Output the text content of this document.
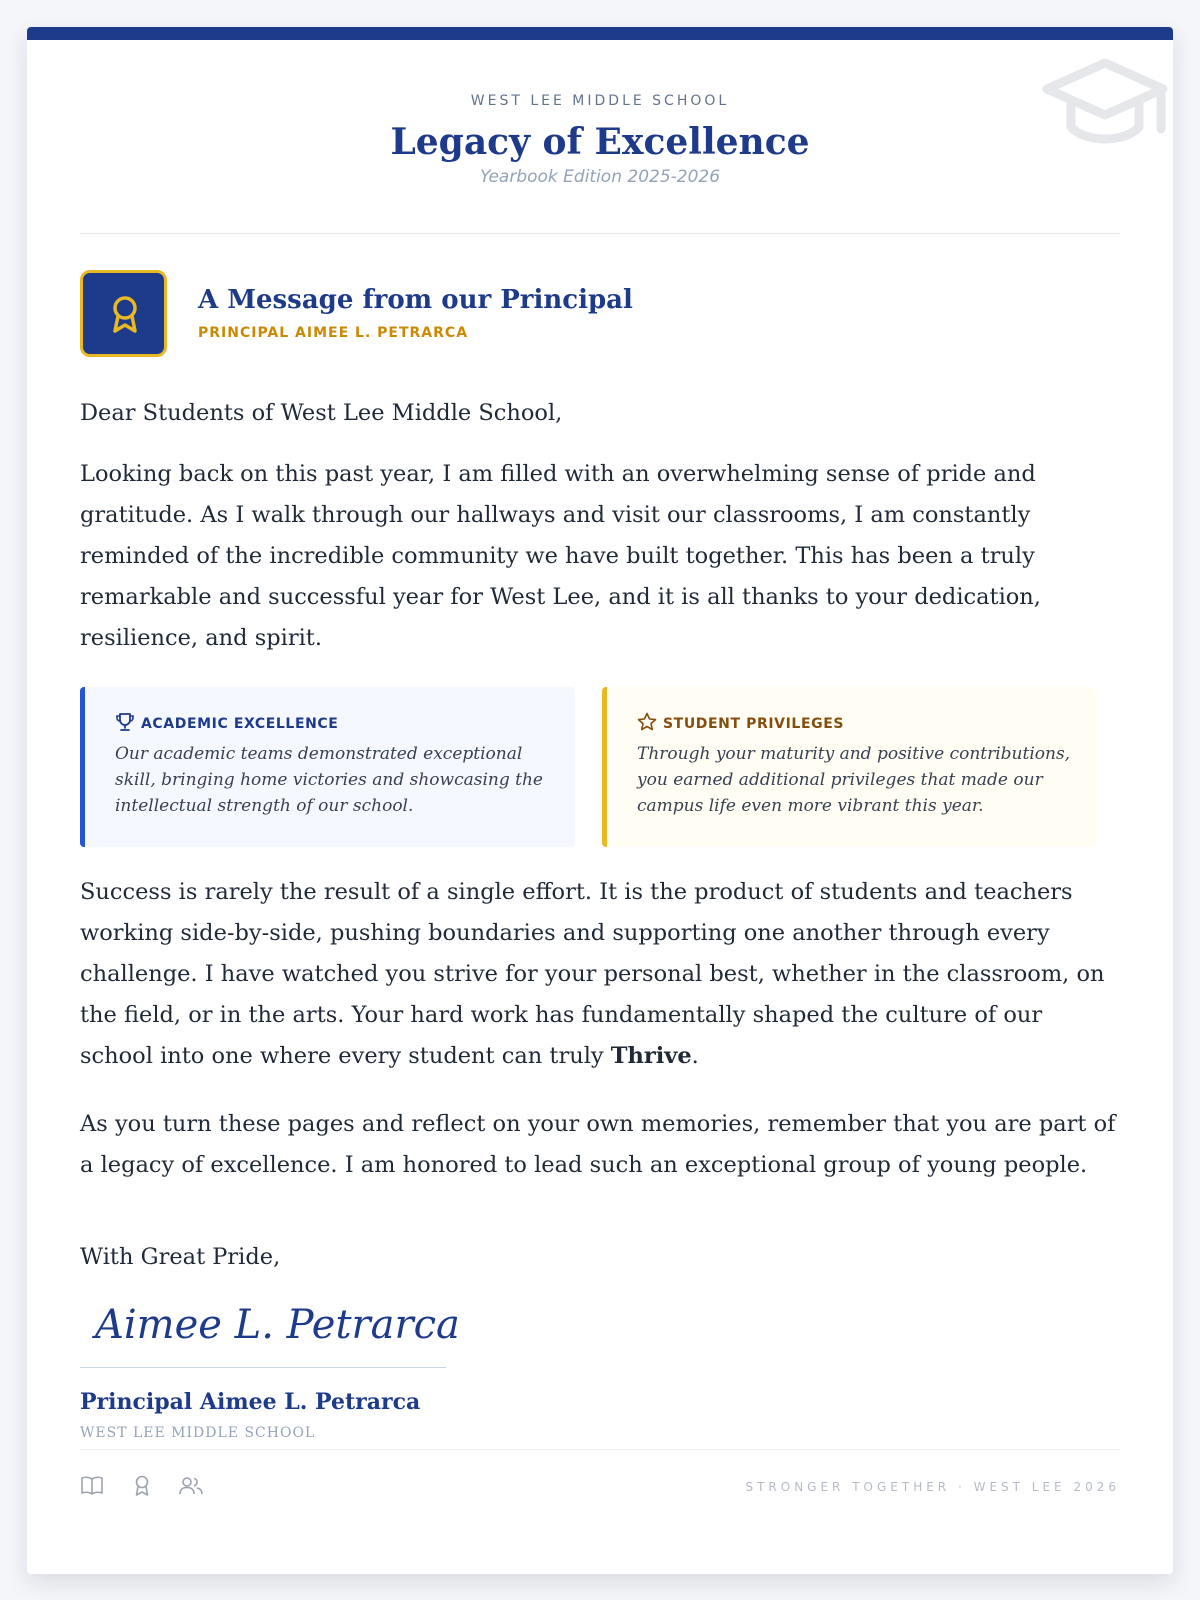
WEST LEE MIDDLE SCHOOL
Legacy of Excellence
Yearbook Edition 2025-2026
A Message from our Principal
PRINCIPAL AIMEE L. PETRARCA

Dear Students of West Lee Middle School,

Looking back on this past year, I am filled with an overwhelming sense of pride and gratitude. As I walk through our hallways and visit our classrooms, I am constantly reminded of the incredible community we have built together. This has been a truly remarkable and successful year for West Lee, and it is all thanks to your dedication, resilience, and spirit.

ACADEMIC EXCELLENCE
Our academic teams demonstrated exceptional skill, bringing home victories and showcasing the intellectual strength of our school.
STUDENT PRIVILEGES
Through your maturity and positive contributions, you earned additional privileges that made our campus life even more vibrant this year.

Success is rarely the result of a single effort. It is the product of students and teachers working side-by-side, pushing boundaries and supporting one another through every challenge. I have watched you strive for your personal best, whether in the classroom, on the field, or in the arts. Your hard work has fundamentally shaped the culture of our school into one where every student can truly Thrive.

As you turn these pages and reflect on your own memories, remember that you are part of a legacy of excellence. I am honored to lead such an exceptional group of young people.

With Great Pride,

Aimee L. Petrarca
Principal Aimee L. Petrarca
WEST LEE MIDDLE SCHOOL
STRONGER TOGETHER · WEST LEE 2026
